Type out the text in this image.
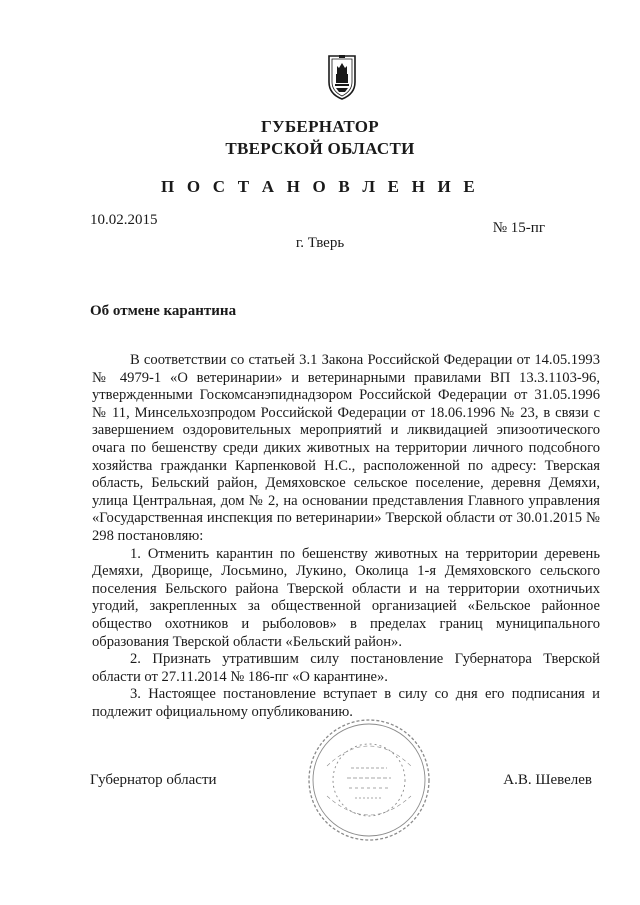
ГУБЕРНАТОР
ТВЕРСКОЙ ОБЛАСТИ
П О С Т А Н О В Л Е Н И Е
10.02.2015	№ 15-пг
г. Тверь
Об отмене карантина

В соответствии со статьей 3.1 Закона Российской Федерации от 14.05.1993 № 4979-1 «О ветеринарии» и ветеринарными правилами ВП 13.3.1103-96, утвержденными Госкомсанэпиднадзором Российской Федерации от 31.05.1996 № 11, Минсельхозпродом Российской Федерации от 18.06.1996 № 23, в связи с завершением оздоровительных мероприятий и ликвидацией эпизоотического очага по бешенству среди диких животных на территории личного подсобного хозяйства гражданки Карпенковой Н.С., расположенной по адресу: Тверская область, Бельский район, Демяховское сельское поселение, деревня Демяхи, улица Центральная, дом № 2, на основании представления Главного управления «Государственная инспекция по ветеринарии» Тверской области от 30.01.2015 № 298 постановляю:

1. Отменить карантин по бешенству животных на территории деревень Демяхи, Дворище, Лосьмино, Лукино, Околица 1-я Демяховского сельского поселения Бельского района Тверской области и на территории охотничьих угодий, закрепленных за общественной организацией «Бельское районное общество охотников и рыболовов» в пределах границ муниципального образования Тверской области «Бельский район».

2. Признать утратившим силу постановление Губернатора Тверской области от 27.11.2014 № 186-пг «О карантине».

3. Настоящее постановление вступает в силу со дня его подписания и подлежит официальному опубликованию.

Губернатор области	А.В. Шевелев
